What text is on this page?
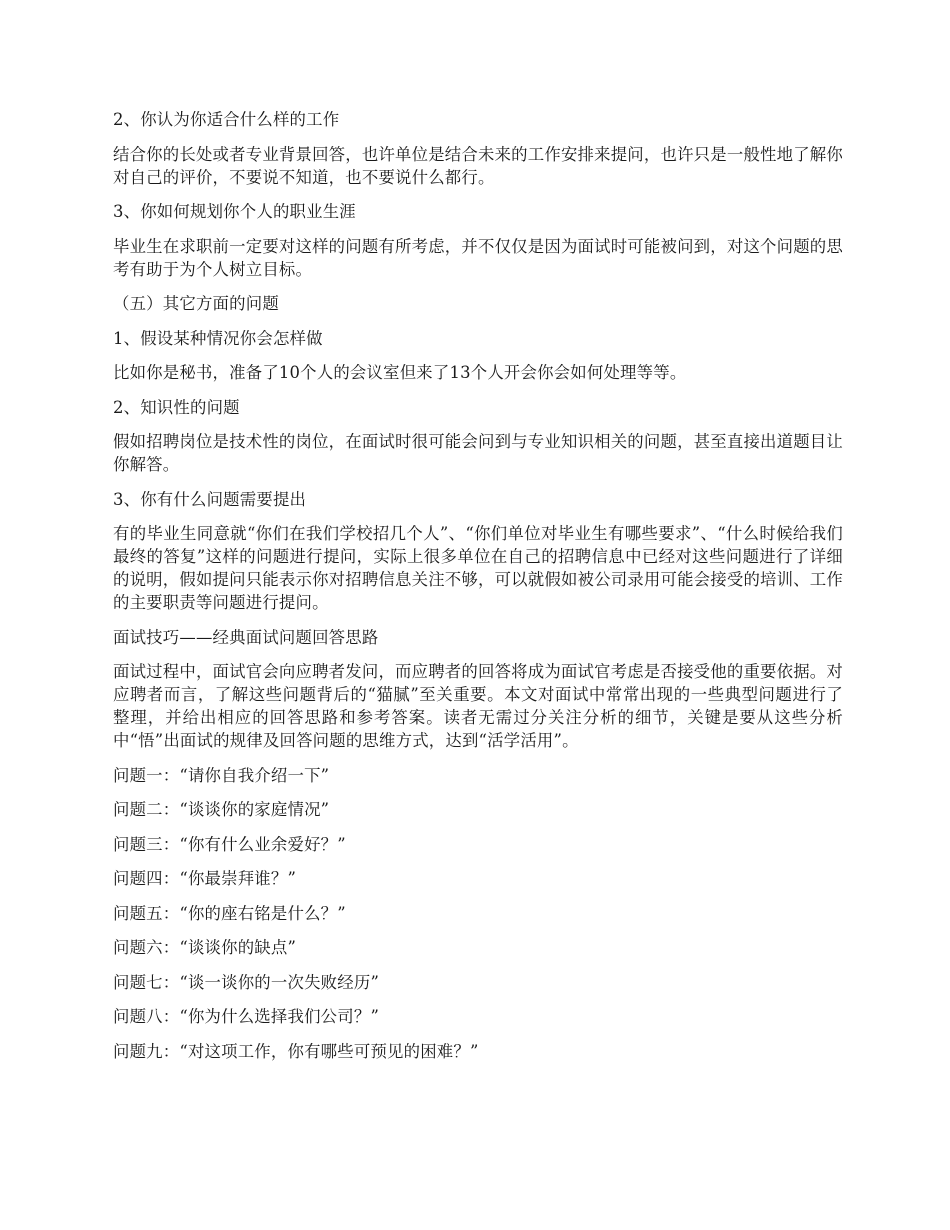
2、你认为你适合什么样的工作

结合你的长处或者专业背景回答，也许单位是结合未来的工作安排来提问，也许只是一般性地了解你对自己的评价，不要说不知道，也不要说什么都行。

3、你如何规划你个人的职业生涯

毕业生在求职前一定要对这样的问题有所考虑，并不仅仅是因为面试时可能被问到，对这个问题的思考有助于为个人树立目标。

（五）其它方面的问题

1、假设某种情况你会怎样做

比如你是秘书，准备了10个人的会议室但来了13个人开会你会如何处理等等。

2、知识性的问题

假如招聘岗位是技术性的岗位，在面试时很可能会问到与专业知识相关的问题，甚至直接出道题目让你解答。

3、你有什么问题需要提出

有的毕业生同意就“你们在我们学校招几个人”、“你们单位对毕业生有哪些要求”、“什么时候给我们最终的答复”这样的问题进行提问，实际上很多单位在自己的招聘信息中已经对这些问题进行了详细的说明，假如提问只能表示你对招聘信息关注不够，可以就假如被公司录用可能会接受的培训、工作的主要职责等问题进行提问。

面试技巧——经典面试问题回答思路

面试过程中，面试官会向应聘者发问，而应聘者的回答将成为面试官考虑是否接受他的重要依据。对应聘者而言，了解这些问题背后的“猫腻”至关重要。本文对面试中常常出现的一些典型问题进行了整理，并给出相应的回答思路和参考答案。读者无需过分关注分析的细节，关键是要从这些分析中“悟”出面试的规律及回答问题的思维方式，达到“活学活用”。

问题一：“请你自我介绍一下”

问题二：“谈谈你的家庭情况”

问题三：“你有什么业余爱好？”

问题四：“你最崇拜谁？”

问题五：“你的座右铭是什么？”

问题六：“谈谈你的缺点”

问题七：“谈一谈你的一次失败经历”

问题八：“你为什么选择我们公司？”

问题九：“对这项工作，你有哪些可预见的困难？”
